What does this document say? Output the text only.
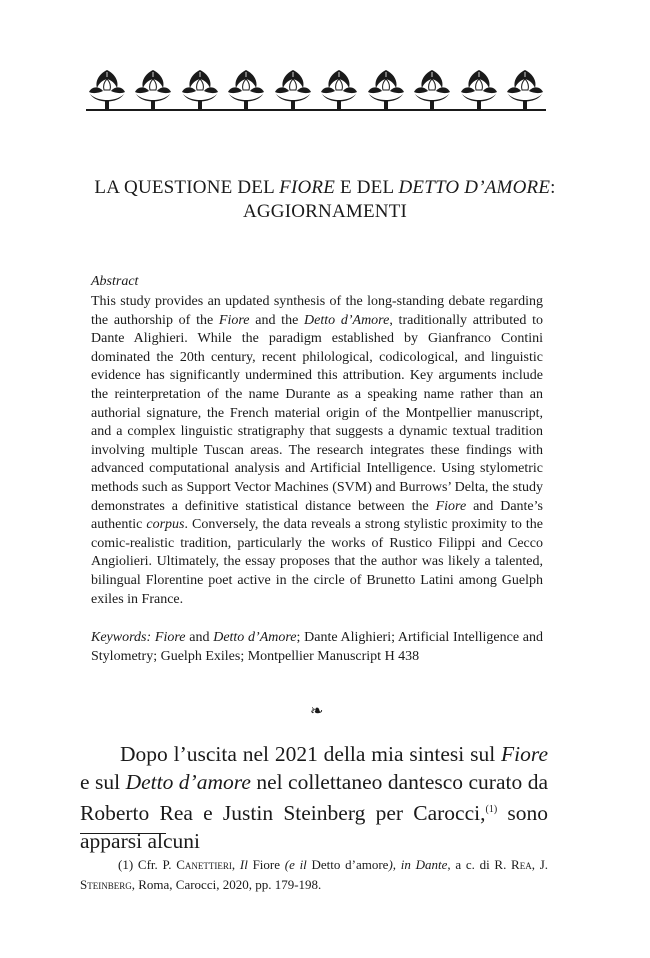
LA QUESTIONE DEL FIORE E DEL DETTO D’AMORE:
AGGIORNAMENTI
Abstract

This study provides an updated synthesis of the long-standing debate regarding the authorship of the Fiore and the Detto d’Amore, traditionally attributed to Dante Alighieri. While the paradigm established by Gianfranco Contini dominated the 20th century, recent philological, codicological, and linguistic evidence has significantly undermined this attribution. Key arguments include the reinterpretation of the name Durante as a speaking name rather than an authorial signature, the French material origin of the Montpellier manuscript, and a complex linguistic stratigraphy that suggests a dynamic textual tradition involving multiple Tuscan areas. The research integrates these findings with advanced computational analysis and Artificial Intelligence. Using stylometric methods such as Support Vector Machines (SVM) and Burrows’ Delta, the study demonstrates a definitive statistical distance between the Fiore and Dante’s authentic corpus. Conversely, the data reveals a strong stylistic proximity to the comic-realistic tradition, particularly the works of Rustico Filippi and Cecco Angiolieri. Ultimately, the essay proposes that the author was likely a talented, bilingual Florentine poet active in the circle of Brunetto Latini among Guelph exiles in France.

Keywords: Fiore and Detto d’Amore; Dante Alighieri; Artificial Intelligence and Stylometry; Guelph Exiles; Montpellier Manuscript H 438
❧
Dopo l’uscita nel 2021 della mia sintesi sul Fiore e sul Detto d’amore nel collettaneo dantesco curato da Roberto Rea e Justin Steinberg per Carocci,$^{(1)}$ sono apparsi alcuni
(1) Cfr. P. Canettieri, Il Fiore (e il Detto d’amore), in Dante, a c. di R. Rea, J. Steinberg, Roma, Carocci, 2020, pp. 179-198.
